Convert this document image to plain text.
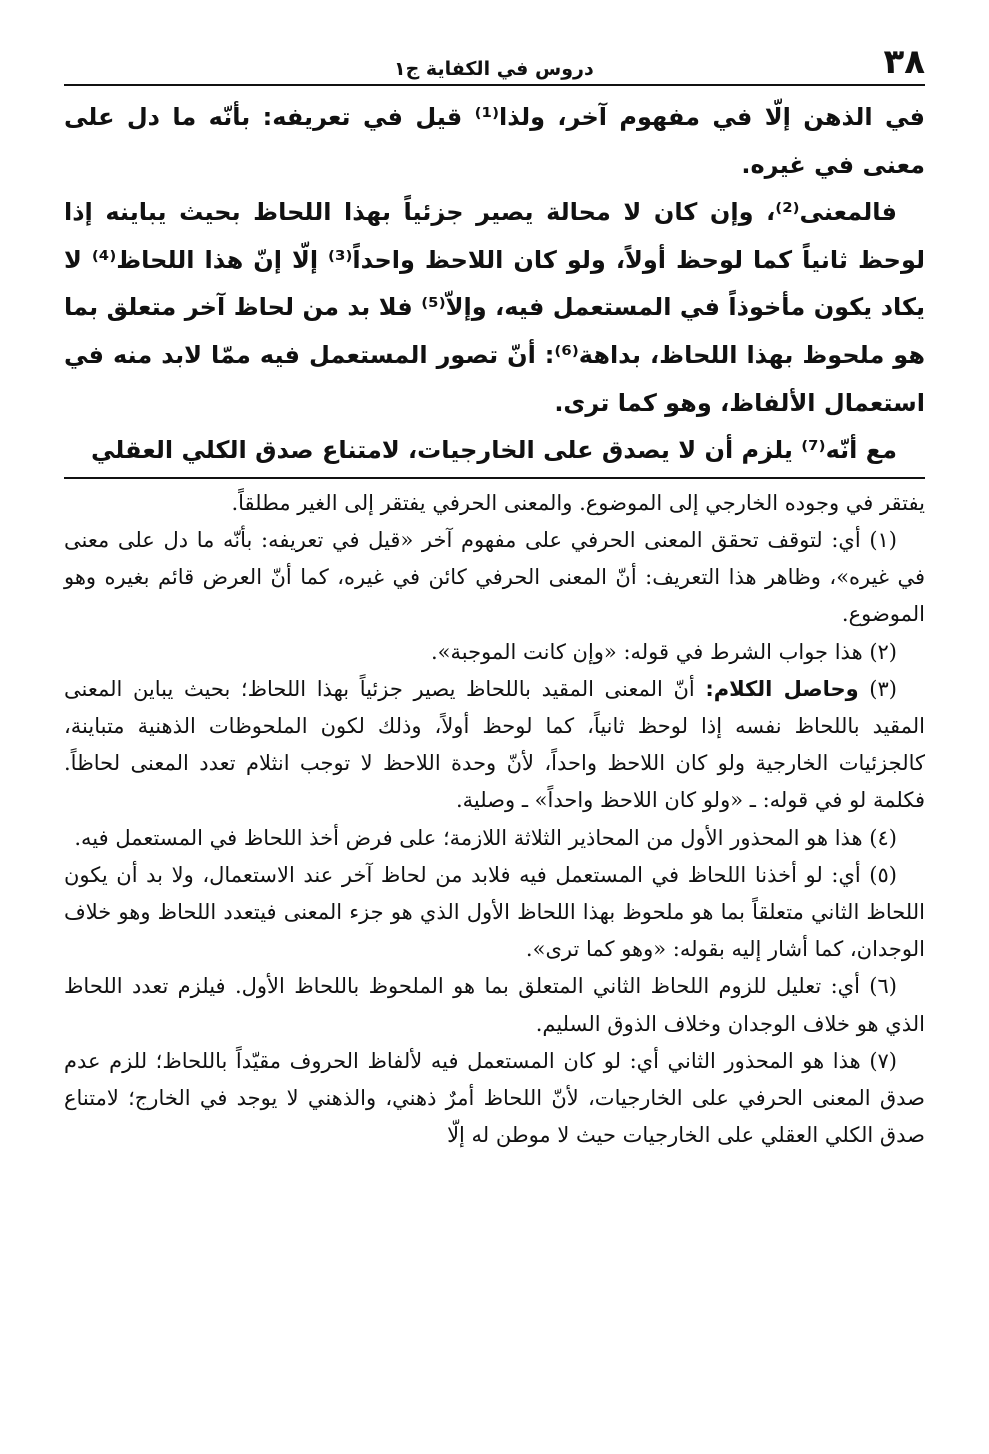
٣٨
دروس في الكفاية ج١

في الذهن إلّا في مفهوم آخر، ولذا⁽¹⁾ قيل في تعريفه: بأنّه ما دل على معنى في غيره.

فالمعنى⁽²⁾، وإن كان لا محالة يصير جزئياً بهذا اللحاظ بحيث يباينه إذا لوحظ ثانياً كما لوحظ أولاً، ولو كان اللاحظ واحداً⁽³⁾ إلّا إنّ هذا اللحاظ⁽⁴⁾ لا يكاد يكون مأخوذاً في المستعمل فيه، وإلاّ⁽⁵⁾ فلا بد من لحاظ آخر متعلق بما هو ملحوظ بهذا اللحاظ، بداهة⁽⁶⁾: أنّ تصور المستعمل فيه ممّا لابد منه في استعمال الألفاظ، وهو كما ترى.

مع أنّه⁽⁷⁾ يلزم أن لا يصدق على الخارجيات، لامتناع صدق الكلي العقلي

يفتقر في وجوده الخارجي إلى الموضوع. والمعنى الحرفي يفتقر إلى الغير مطلقاً.

(١) أي: لتوقف تحقق المعنى الحرفي على مفهوم آخر «قيل في تعريفه: بأنّه ما دل على معنى في غيره»، وظاهر هذا التعريف: أنّ المعنى الحرفي كائن في غيره، كما أنّ العرض قائم بغيره وهو الموضوع.

(٢) هذا جواب الشرط في قوله: «وإن كانت الموجبة».

(٣) وحاصل الكلام: أنّ المعنى المقيد باللحاظ يصير جزئياً بهذا اللحاظ؛ بحيث يباين المعنى المقيد باللحاظ نفسه إذا لوحظ ثانياً، كما لوحظ أولاً، وذلك لكون الملحوظات الذهنية متباينة، كالجزئيات الخارجية ولو كان اللاحظ واحداً، لأنّ وحدة اللاحظ لا توجب انثلام تعدد المعنى لحاظاً. فكلمة لو في قوله: ـ «ولو كان اللاحظ واحداً» ـ وصلية.

(٤) هذا هو المحذور الأول من المحاذير الثلاثة اللازمة؛ على فرض أخذ اللحاظ في المستعمل فيه.

(٥) أي: لو أخذنا اللحاظ في المستعمل فيه فلابد من لحاظ آخر عند الاستعمال، ولا بد أن يكون اللحاظ الثاني متعلقاً بما هو ملحوظ بهذا اللحاظ الأول الذي هو جزء المعنى فيتعدد اللحاظ وهو خلاف الوجدان، كما أشار إليه بقوله: «وهو كما ترى».

(٦) أي: تعليل للزوم اللحاظ الثاني المتعلق بما هو الملحوظ باللحاظ الأول. فيلزم تعدد اللحاظ الذي هو خلاف الوجدان وخلاف الذوق السليم.

(٧) هذا هو المحذور الثاني أي: لو كان المستعمل فيه لألفاظ الحروف مقيّداً باللحاظ؛ للزم عدم صدق المعنى الحرفي على الخارجيات، لأنّ اللحاظ أمرٌ ذهني، والذهني لا يوجد في الخارج؛ لامتناع صدق الكلي العقلي على الخارجيات حيث لا موطن له إلّا
